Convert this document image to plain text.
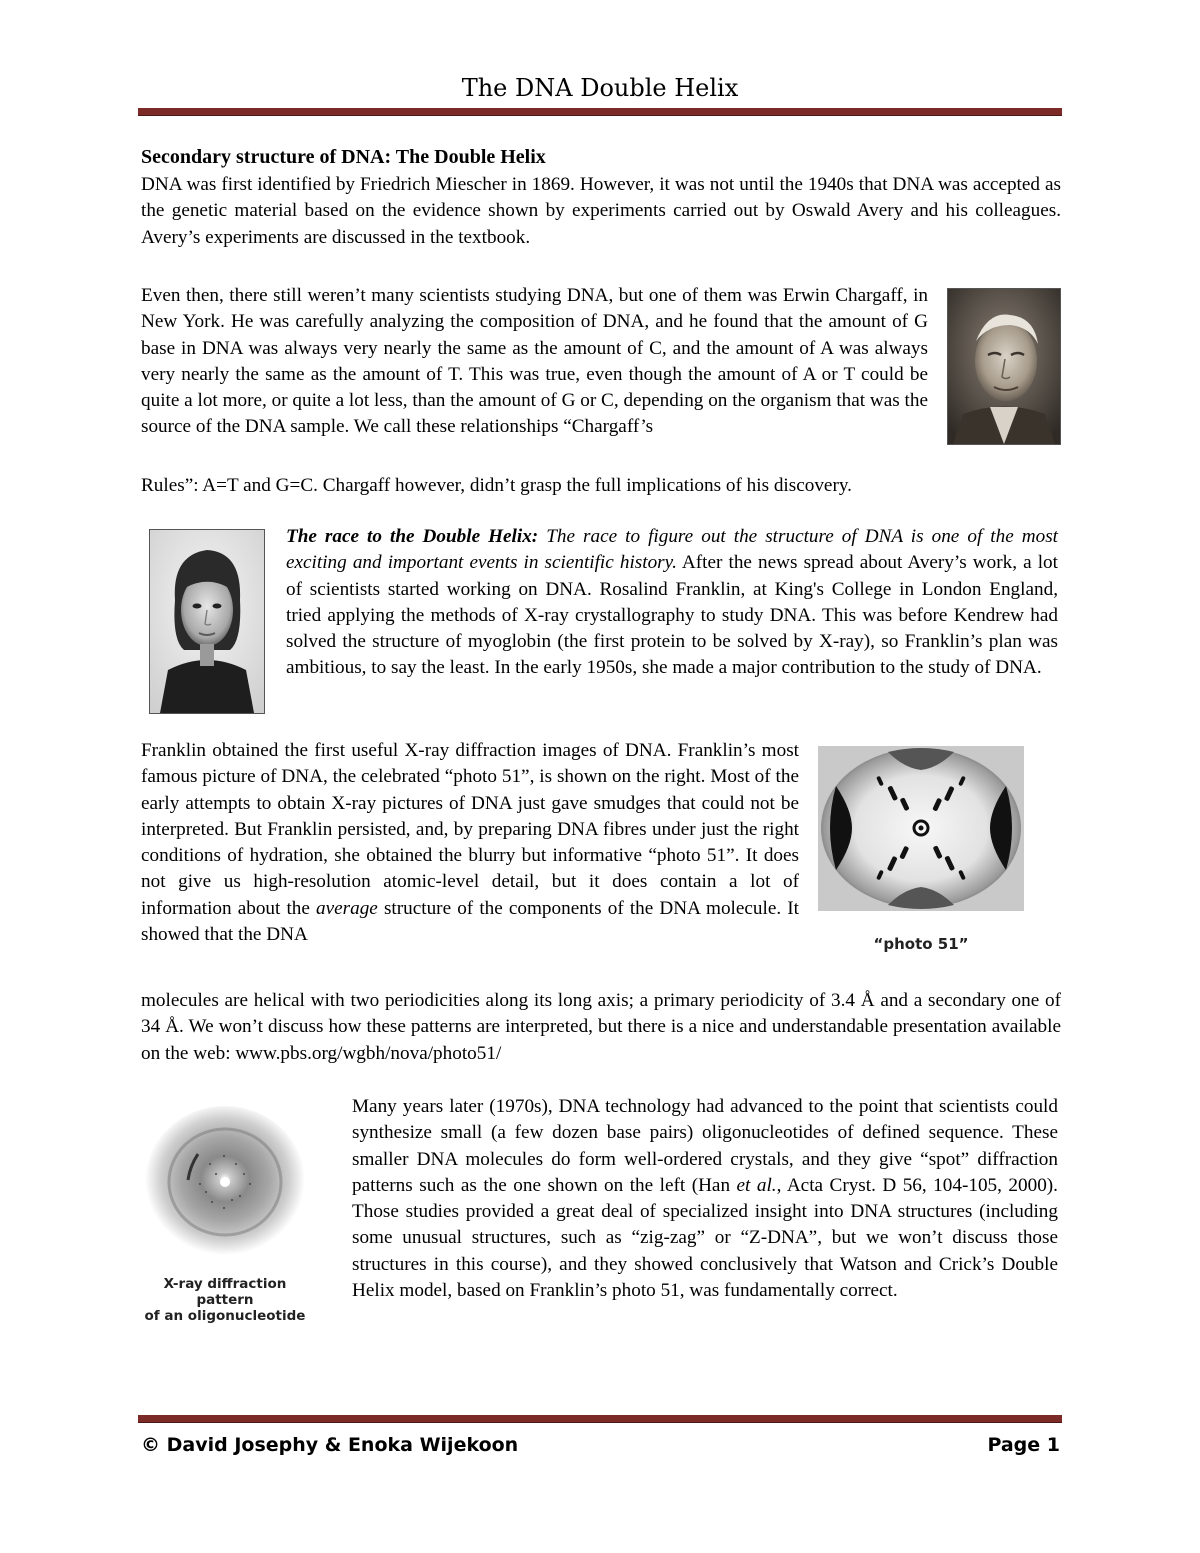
The DNA Double Helix
Secondary structure of DNA: The Double Helix
DNA was first identified by Friedrich Miescher in 1869. However, it was not until the 1940s that DNA was accepted as the genetic material based on the evidence shown by experiments carried out by Oswald Avery and his colleagues. Avery’s experiments are discussed in the textbook.
Even then, there still weren’t many scientists studying DNA, but one of them was Erwin Chargaff, in New York. He was carefully analyzing the composition of DNA, and he found that the amount of G base in DNA was always very nearly the same as the amount of C, and the amount of A was always very nearly the same as the amount of T. This was true, even though the amount of A or T could be quite a lot more, or quite a lot less, than the amount of G or C, depending on the organism that was the source of the DNA sample. We call these relationships “Chargaff’s
Rules”: A=T and G=C. Chargaff however, didn’t grasp the full implications of his discovery.
The race to the Double Helix: The race to figure out the structure of DNA is one of the most exciting and important events in scientific history. After the news spread about Avery’s work, a lot of scientists started working on DNA. Rosalind Franklin, at King's College in London England, tried applying the methods of X-ray crystallography to study DNA. This was before Kendrew had solved the structure of myoglobin (the first protein to be solved by X-ray), so Franklin’s plan was ambitious, to say the least. In the early 1950s, she made a major contribution to the study of DNA.
Franklin obtained the first useful X-ray diffraction images of DNA. Franklin’s most famous picture of DNA, the celebrated “photo 51”, is shown on the right. Most of the early attempts to obtain X-ray pictures of DNA just gave smudges that could not be interpreted. But Franklin persisted, and, by preparing DNA fibres under just the right conditions of hydration, she obtained the blurry but informative “photo 51”. It does not give us high-resolution atomic-level detail, but it does contain a lot of information about the average structure of the components of the DNA molecule. It showed that the DNA
molecules are helical with two periodicities along its long axis; a primary periodicity of 3.4 Å and a secondary one of 34 Å. We won’t discuss how these patterns are interpreted, but there is a nice and understandable presentation available on the web: www.pbs.org/wgbh/nova/photo51/
“photo 51”
X-ray diffraction pattern
of an oligonucleotide
Many years later (1970s), DNA technology had advanced to the point that scientists could synthesize small (a few dozen base pairs) oligonucleotides of defined sequence. These smaller DNA molecules do form well-ordered crystals, and they give “spot” diffraction patterns such as the one shown on the left (Han et al., Acta Cryst. D 56, 104-105, 2000). Those studies provided a great deal of specialized insight into DNA structures (including some unusual structures, such as “zig-zag” or “Z-DNA”, but we won’t discuss those structures in this course), and they showed conclusively that Watson and Crick’s Double Helix model, based on Franklin’s photo 51, was fundamentally correct.
© David Josephy & Enoka Wijekoon	Page 1
